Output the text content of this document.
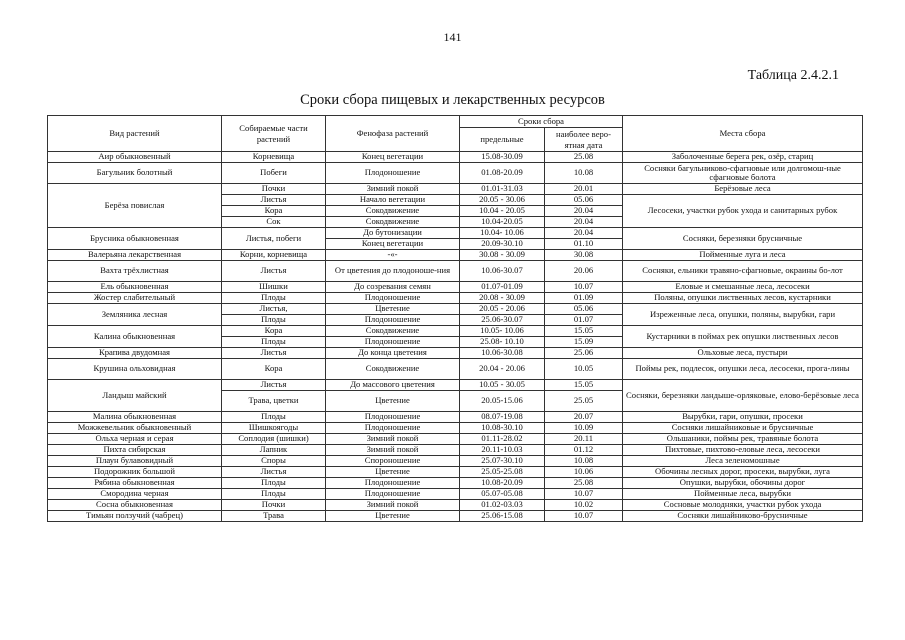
141
Таблица 2.4.2.1
Сроки сбора пищевых и лекарственных ресурсов
Вид растений	Собираемые части растений	Фенофаза растений	Сроки сбора		Места сбора
			предельные	наиболее веро-ятная дата	
Аир обыкновенный	Корневища	Конец вегетации	15.08-30.09	25.08	Заболоченные берега рек, озёр, стариц
Багульник болотный	Побеги	Плодоношение	01.08-20.09	10.08	Сосняки багульниково-сфагновые или долгомош-ные сфагновые болота
Берёза повислая	Почки	Зимний покой	01.01-31.03	20.01	Берёзовые леса
	Листья	Начало вегетации	20.05 - 30.06	05.06	Лесосеки, участки рубок ухода и санитарных рубок
	Кора	Сокодвижение	10.04 - 20.05	20.04	
	Сок	Сокодвижение	10.04-20.05	20.04	
Брусника обыкновенная	Листья, побеги	До бутонизации	10.04- 10.06	20.04	Сосняки, березняки брусничные
		Конец вегетации	20.09-30.10	01.10	
Валерьяна лекарственная	Корни, корневища	-«-	30.08 - 30.09	30.08	Пойменные луга и леса
Вахта трёхлистная	Листья	От цветения до плодоноше-ния	10.06-30.07	20.06	Сосняки, ельники травяно-сфагновые, окраины бо-лот
Ель обыкновенная	Шишки	До созревания семян	01.07-01.09	10.07	Еловые и смешанные леса, лесосеки
Жостер слабительный	Плоды	Плодоношение	20.08 - 30.09	01.09	Поляны, опушки лиственных лесов, кустарники
Земляника лесная	Листья,	Цветение	20.05 - 20.06	05.06	Изреженные леса, опушки, поляны, вырубки, гари
	Плоды	Плодоношение	25.06-30.07	01.07	
Калина обыкновенная	Кора	Сокодвижение	10.05- 10.06	15.05	Кустарники в поймах рек опушки лиственных лесов
	Плоды	Плодоношение	25.08- 10.10	15.09	
Крапива двудомная	Листья	До конца цветения	10.06-30.08	25.06	Ольховые леса, пустыри
Крушина ольховидная	Кора	Сокодвижение	20.04 - 20.06	10.05	Поймы рек, подлесок, опушки леса, лесосеки, прога-лины
Ландыш майский	Листья	До массового цветения	10.05 - 30.05	15.05	Сосняки, березняки ландыше-орляковые, елово-берёзовые леса
	Трава, цветки	Цветение	20.05-15.06	25.05	
Малина обыкновенная	Плоды	Плодоношение	08.07-19.08	20.07	Вырубки, гари, опушки, просеки
Можжевельник обыкновенный	Шишкоягоды	Плодоношение	10.08-30.10	10.09	Сосняки лишайниковые и брусничные
Ольха черная и серая	Соплодия (шишки)	Зимний покой	01.11-28.02	20.11	Ольшаники, поймы рек, травяные болота
Пихта сибирская	Лапник	Зимний покой	20.11-10.03	01.12	Пихтовые, пихтово-еловые леса, лесосеки
Плаун булавовидный	Споры	Спороношение	25.07-30.10	10.08	Леса зеленомошные
Подорожник большой	Листья	Цветение	25.05-25.08	10.06	Обочины лесных дорог, просеки, вырубки, луга
Рябина обыкновенная	Плоды	Плодоношение	10.08-20.09	25.08	Опушки, вырубки, обочины дорог
Смородина черная	Плоды	Плодоношение	05.07-05.08	10.07	Пойменные леса, вырубки
Сосна обыкновенная	Почки	Зимний покой	01.02-03.03	10.02	Сосновые молодняки, участки рубок ухода
Тимьян ползучий (чабрец)	Трава	Цветение	25.06-15.08	10.07	Сосняки лишайниково-брусничные
